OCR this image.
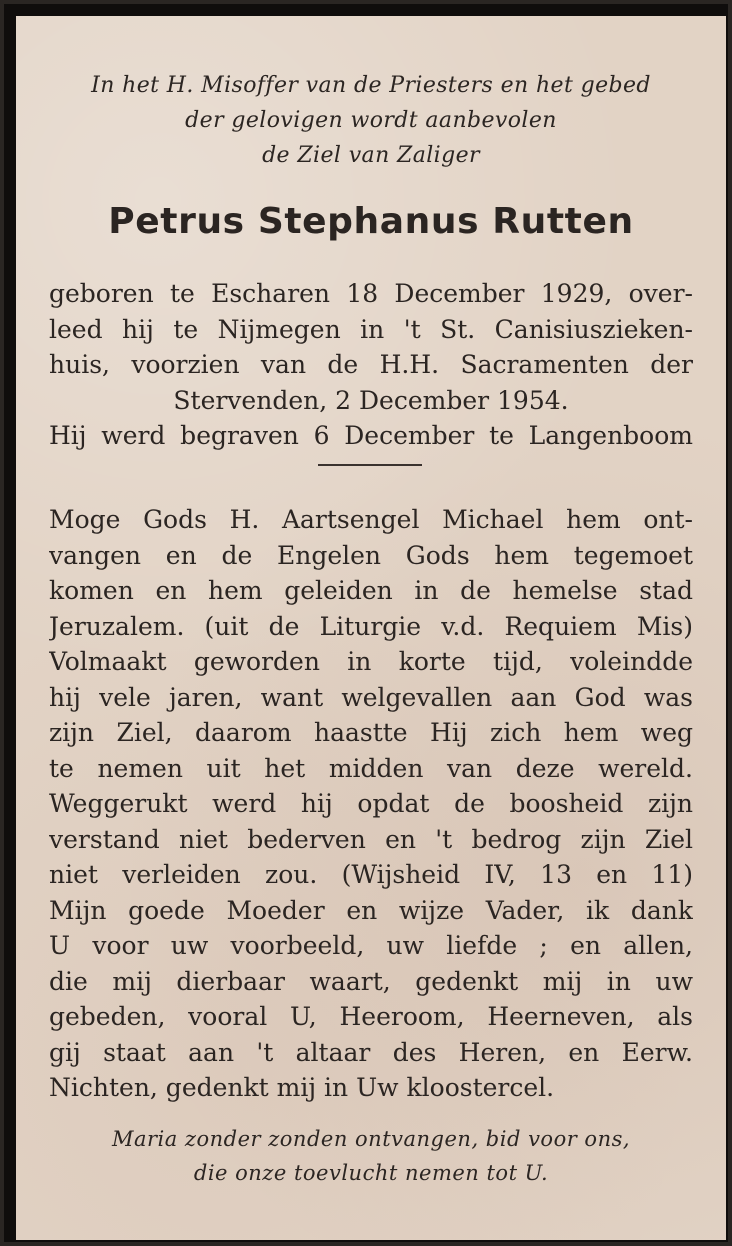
In het H. Misoffer van de Priesters en het gebed
der gelovigen wordt aanbevolen
de Ziel van Zaliger
Petrus Stephanus Rutten
geboren te Escharen 18 December 1929, over-
leed hij te Nijmegen in 't St. Canisiuszieken-
huis, voorzien van de H.H. Sacramenten der
Stervenden, 2 December 1954.
Hij werd begraven 6 December te Langenboom
Moge Gods H. Aartsengel Michael hem ont-
vangen en de Engelen Gods hem tegemoet
komen en hem geleiden in de hemelse stad
Jeruzalem. (uit de Liturgie v.d. Requiem Mis)
Volmaakt geworden in korte tijd, voleindde
hij vele jaren, want welgevallen aan God was
zijn Ziel, daarom haastte Hij zich hem weg
te nemen uit het midden van deze wereld.
Weggerukt werd hij opdat de boosheid zijn
verstand niet bederven en 't bedrog zijn Ziel
niet verleiden zou. (Wijsheid IV, 13 en 11)
Mijn goede Moeder en wijze Vader, ik dank
U voor uw voorbeeld, uw liefde ; en allen,
die mij dierbaar waart, gedenkt mij in uw
gebeden, vooral U, Heeroom, Heerneven, als
gij staat aan 't altaar des Heren, en Eerw.
Nichten, gedenkt mij in Uw kloostercel.
Maria zonder zonden ontvangen, bid voor ons,
die onze toevlucht nemen tot U.
